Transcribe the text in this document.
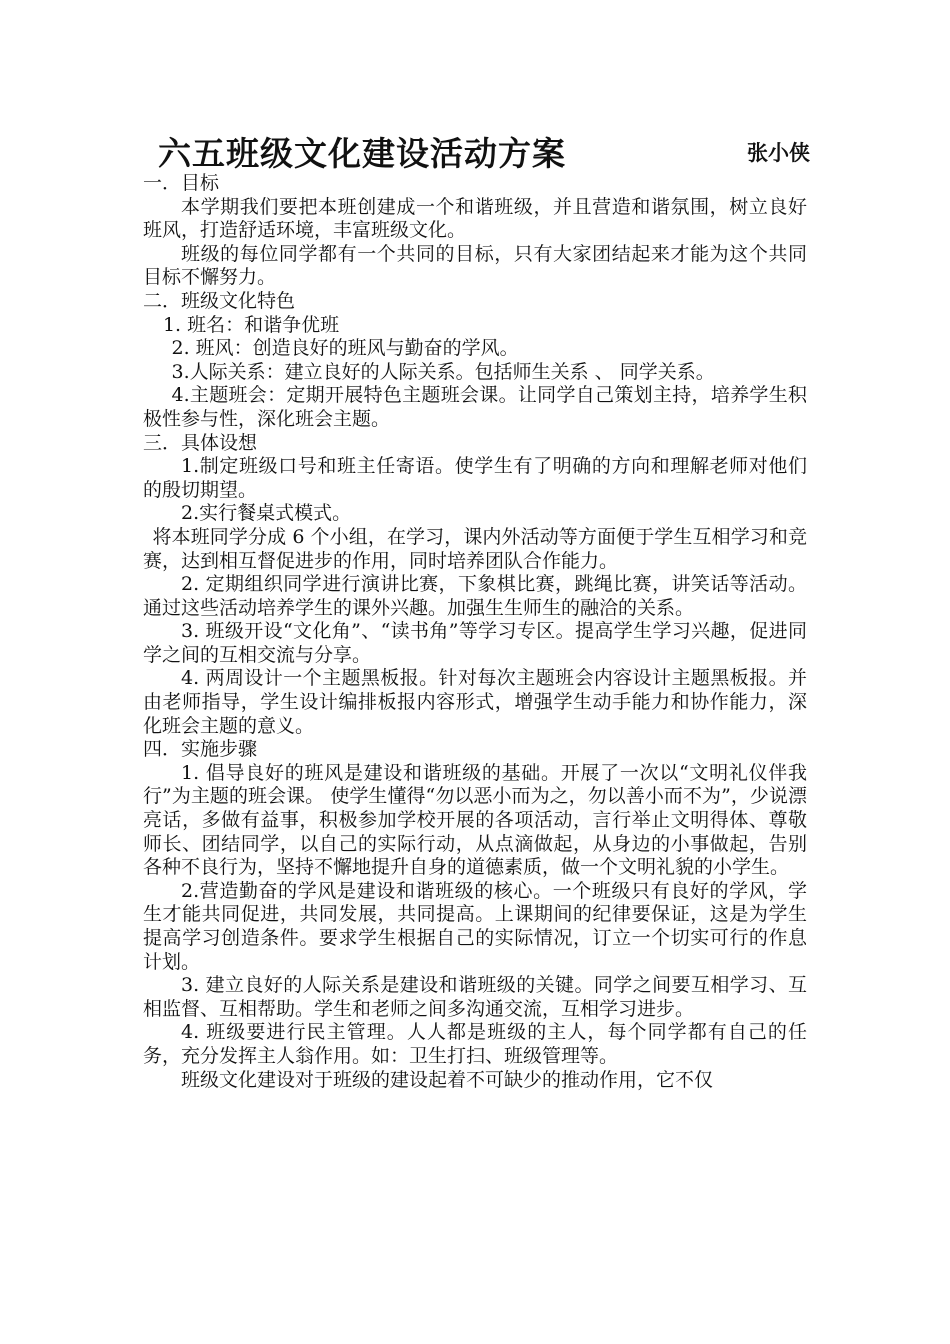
六五班级文化建设活动方案	张小侠

一．目标

本学期我们要把本班创建成一个和谐班级，并且营造和谐氛围，树立良好班风，打造舒适环境，丰富班级文化。

班级的每位同学都有一个共同的目标，只有大家团结起来才能为这个共同目标不懈努力。

二．班级文化特色

1. 班名：和谐争优班

2. 班风：创造良好的班风与勤奋的学风。

3.人际关系：建立良好的人际关系。包括师生关系 、 同学关系。

4.主题班会：定期开展特色主题班会课。让同学自己策划主持，培养学生积极性参与性，深化班会主题。

三．具体设想

1.制定班级口号和班主任寄语。使学生有了明确的方向和理解老师对他们的殷切期望。

2.实行餐桌式模式。

将本班同学分成 6 个小组，在学习，课内外活动等方面便于学生互相学习和竞赛，达到相互督促进步的作用，同时培养团队合作能力。

2. 定期组织同学进行演讲比赛，下象棋比赛，跳绳比赛，讲笑话等活动。通过这些活动培养学生的课外兴趣。加强生生师生的融洽的关系。

3. 班级开设“文化角”、“读书角”等学习专区。提高学生学习兴趣，促进同学之间的互相交流与分享。

4. 两周设计一个主题黑板报。针对每次主题班会内容设计主题黑板报。并由老师指导，学生设计编排板报内容形式，增强学生动手能力和协作能力，深化班会主题的意义。

四．实施步骤

1. 倡导良好的班风是建设和谐班级的基础。开展了一次以“文明礼仪伴我行”为主题的班会课。 使学生懂得“勿以恶小而为之，勿以善小而不为”，少说漂亮话，多做有益事，积极参加学校开展的各项活动，言行举止文明得体、尊敬师长、团结同学，以自己的实际行动，从点滴做起，从身边的小事做起，告别各种不良行为，坚持不懈地提升自身的道德素质，做一个文明礼貌的小学生。

2.营造勤奋的学风是建设和谐班级的核心。一个班级只有良好的学风，学生才能共同促进，共同发展，共同提高。上课期间的纪律要保证，这是为学生提高学习创造条件。要求学生根据自己的实际情况，订立一个切实可行的作息计划。

3. 建立良好的人际关系是建设和谐班级的关键。同学之间要互相学习、互相监督、互相帮助。学生和老师之间多沟通交流，互相学习进步。

4. 班级要进行民主管理。人人都是班级的主人，每个同学都有自己的任务，充分发挥主人翁作用。如：卫生打扫、班级管理等。

班级文化建设对于班级的建设起着不可缺少的推动作用，它不仅
